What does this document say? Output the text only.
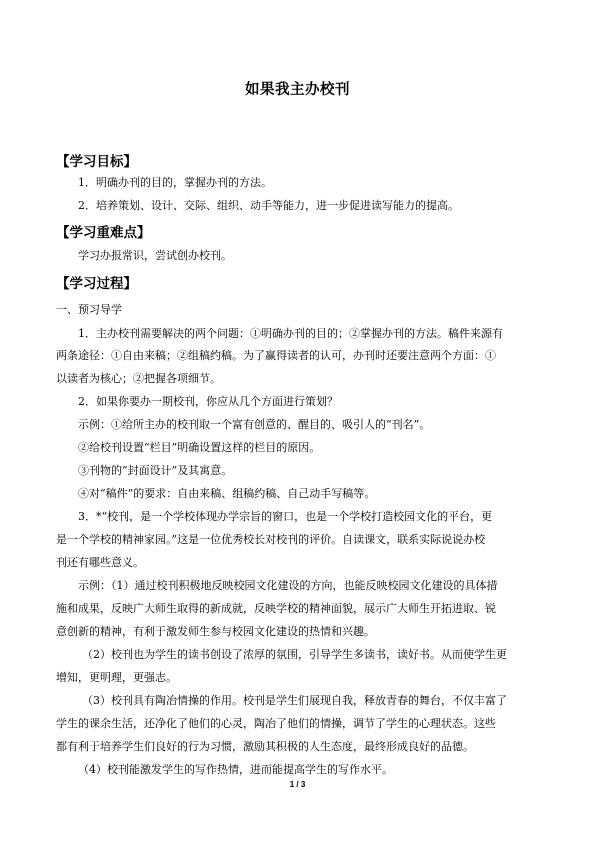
如果我主办校刊
【学习目标】
1．明确办刊的目的，掌握办刊的方法。
2．培养策划、设计、交际、组织、动手等能力，进一步促进读写能力的提高。
【学习重难点】
学习办报常识，尝试创办校刊。
【学习过程】
一、预习导学
1．主办校刊需要解决的两个问题：①明确办刊的目的；②掌握办刊的方法。稿件来源有
两条途径：①自由来稿；②组稿约稿。为了赢得读者的认可，办刊时还要注意两个方面：①
以读者为核心；②把握各项细节。
2．如果你要办一期校刊，你应从几个方面进行策划？
示例：①给所主办的校刊取一个富有创意的、醒目的、吸引人的“刊名”。
②给校刊设置“栏目”明确设置这样的栏目的原因。
③刊物的“封面设计”及其寓意。
④对“稿件”的要求：自由来稿、组稿约稿、自己动手写稿等。
3．*“校刊，是一个学校体现办学宗旨的窗口，也是一个学校打造校园文化的平台，更
是一个学校的精神家园。”这是一位优秀校长对校刊的评价。自读课文，联系实际说说办校
刊还有哪些意义。
示例：（1）通过校刊积极地反映校园文化建设的方向，也能反映校园文化建设的具体措
施和成果，反映广大师生取得的新成就，反映学校的精神面貌，展示广大师生开拓进取、锐
意创新的精神，有利于激发师生参与校园文化建设的热情和兴趣。
（2）校刊也为学生的读书创设了浓厚的氛围，引导学生多读书，读好书。从而使学生更
增知，更明理，更强志。
（3）校刊具有陶冶情操的作用。校刊是学生们展现自我，释放青春的舞台，不仅丰富了
学生的课余生活，还净化了他们的心灵，陶冶了他们的情操，调节了学生的心理状态。这些
都有利于培养学生们良好的行为习惯，激励其积极的人生态度，最终形成良好的品德。
（4）校刊能激发学生的写作热情，进而能提高学生的写作水平。
1 / 3
